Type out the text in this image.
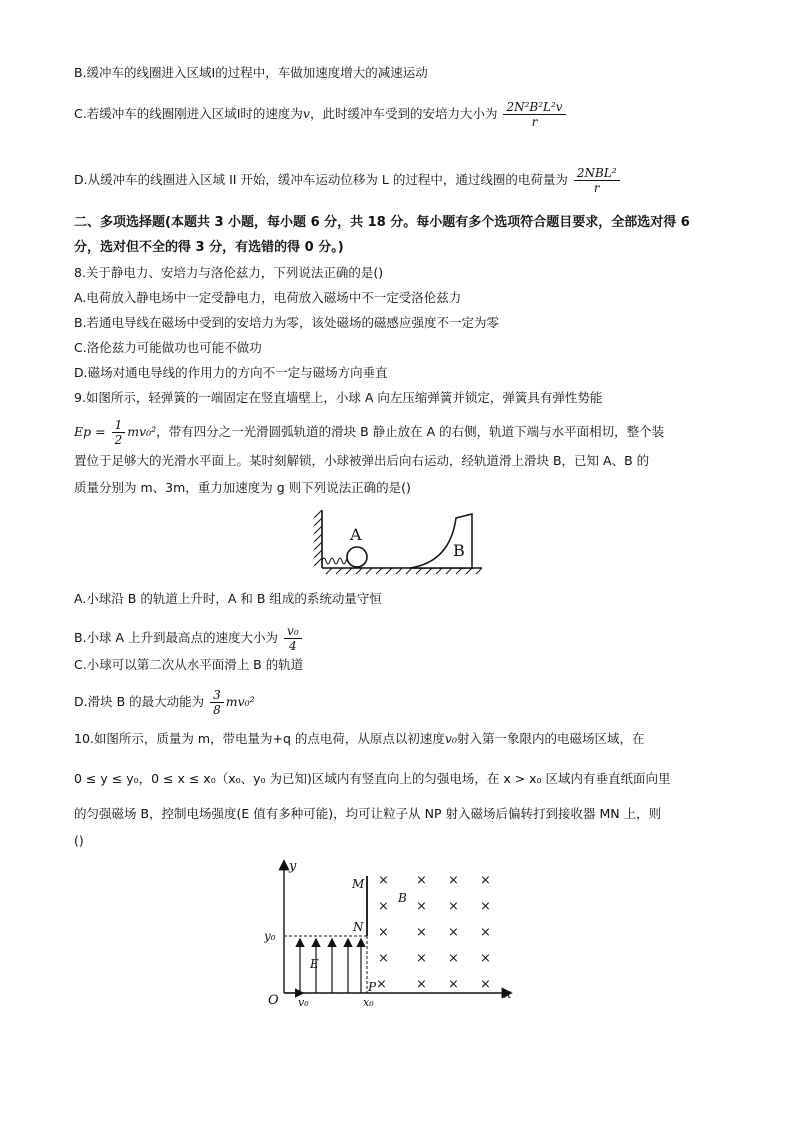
B.缓冲车的线圈进入区域Ⅰ的过程中，车做加速度增大的减速运动
C.若缓冲车的线圈刚进入区域Ⅰ时的速度为v，此时缓冲车受到的安培力大小为 $\frac{\text{2N²B²L²v}}{r}$
D.从缓冲车的线圈进入区域 II 开始，缓冲车运动位移为 L 的过程中，通过线圈的电荷量为 $\frac{\text{2NBL²}}{r}$
二、多项选择题(本题共 3 小题，每小题 6 分，共 18 分。每小题有多个选项符合题目要求，全部选对得 6
分，选对但不全的得 3 分，有选错的得 0 分。)
8.关于静电力、安培力与洛伦兹力，下列说法正确的是()
A.电荷放入静电场中一定受静电力，电荷放入磁场中不一定受洛伦兹力
B.若通电导线在磁场中受到的安培力为零，该处磁场的磁感应强度不一定为零
C.洛伦兹力可能做功也可能不做功
D.磁场对通电导线的作用力的方向不一定与磁场方向垂直
9.如图所示，轻弹簧的一端固定在竖直墙壁上，小球 A 向左压缩弹簧并锁定，弹簧具有弹性势能
$Ep = \frac{1}{2} mv_0^2$，带有四分之一光滑圆弧轨道的滑块 B 静止放在 A 的右侧，轨道下端与水平面相切，整个装
置位于足够大的光滑水平面上。某时刻解锁，小球被弹出后向右运动，经轨道滑上滑块 B，已知 A、B 的
质量分别为 m、3m，重力加速度为 g 则下列说法正确的是()
A
B
A.小球沿 B 的轨道上升时，A 和 B 组成的系统动量守恒
B.小球 A 上升到最高点的速度大小为 $\frac{\text{v₀}}{4}$
C.小球可以第二次从水平面滑上 B 的轨道
D.滑块 B 的最大动能为 $\frac{3}{8} mv_0^2$
10.如图所示，质量为 m，带电量为+q 的点电荷，从原点以初速度v₀射入第一象限内的电磁场区域，在
0 ≤ y ≤ y₀，0 ≤ x ≤ x₀（x₀、y₀ 为已知)区域内有竖直向上的匀强电场，在 x > x₀ 区域内有垂直纸面向里
的匀强磁场 B，控制电场强度(E 值有多种可能)，均可让粒子从 NP 射入磁场后偏转打到接收器 MN 上，则
()
y
x
O
y₀
M
N
P
E
v₀	x₀
B
× × × ×
× × × ×
× × × ×
× × × ×
× × × ×
